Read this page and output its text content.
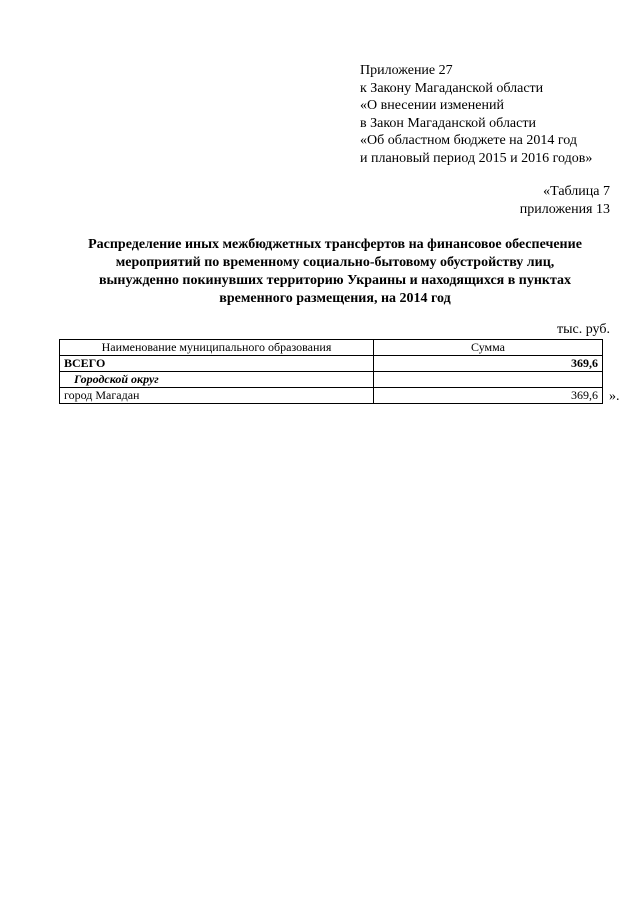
Приложение 27
к Закону Магаданской области
«О внесении изменений
в Закон Магаданской области
«Об областном бюджете на 2014 год
и плановый период 2015 и 2016 годов»
«Таблица 7
приложения 13
Распределение иных межбюджетных трансфертов на финансовое обеспечение
мероприятий по временному социально-бытовому обустройству лиц,
вынужденно покинувших территорию Украины и находящихся в пунктах
временного размещения, на 2014 год
тыс. руб.
Наименование муниципального образования	Сумма
ВСЕГО	369,6
Городской округ	
город Магадан	369,6 ».
